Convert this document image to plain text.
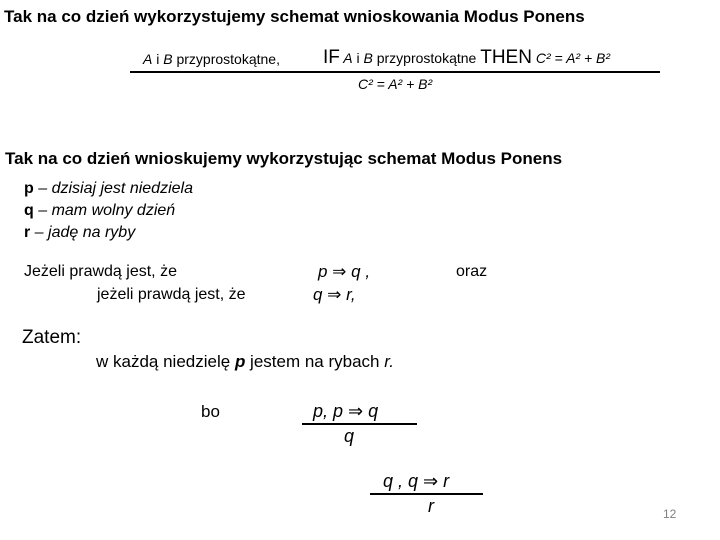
Tak na co dzień wykorzystujemy schemat wnioskowania Modus Ponens
A i B przyprostokątne, IF A i B przyprostokątne THEN C² = A² + B²
C² = A² + B²
Tak na co dzień wnioskujemy wykorzystując schemat Modus Ponens
p – dzisiaj jest niedziela
q – mam wolny dzień
r – jadę na ryby
Jeżeli prawdą jest, że
jeżeli prawdą jest, że
p ⇒ q ,
q ⇒ r,
oraz
Zatem:
w każdą niedzielę p jestem na rybach r.
bo	p, p ⇒ q
q
q , q ⇒ r
r	12
